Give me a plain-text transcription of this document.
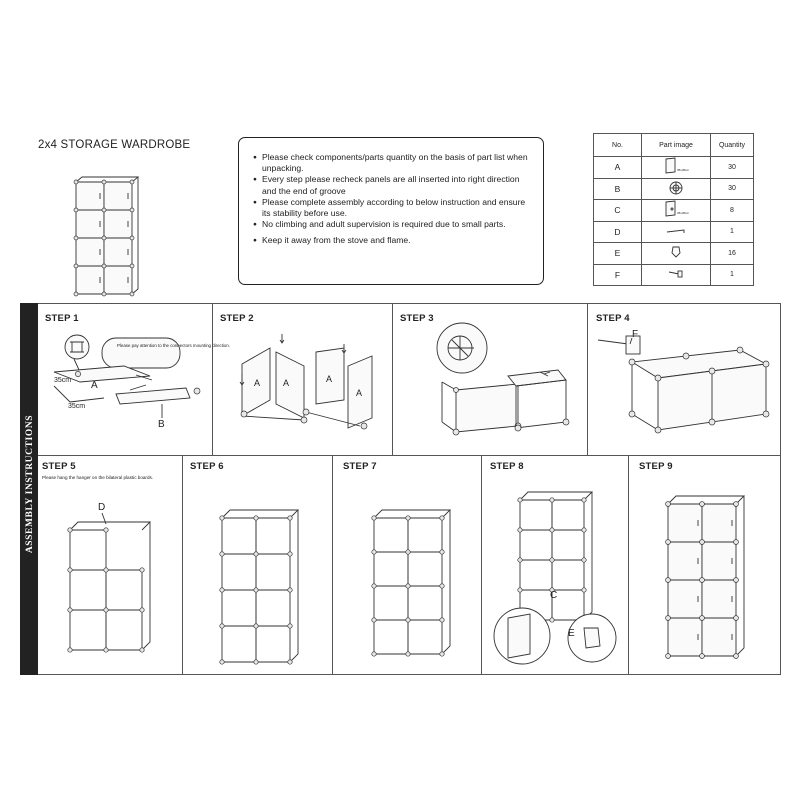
2x4 STORAGE WARDROBE
● Please check components/parts quantity on the basis of part list when unpacking.
● Every step please recheck panels are all inserted into right direction and the end of groove
● Please complete assembly according to below instruction and ensure its stability before use.
● No climbing and adult supervision is required due to small parts.
● Keep it away from the stove and flame.
No.	Part image	Quantity
A	35x35cm	30
B		30
C	35x35cm	8
D		1
E		16
F		1
ASSEMBLY INSTRUCTIONS
STEP 1	STEP 2	STEP 3	STEP 4
STEP 5	STEP 6	STEP 7	STEP 8	STEP 9
Please pay attention to the connectors mounting direction.
A
35cm
35cm
B
A	A	A
A
F
Please hang the hanger on the bilateral plastic boards.
D
C
E
